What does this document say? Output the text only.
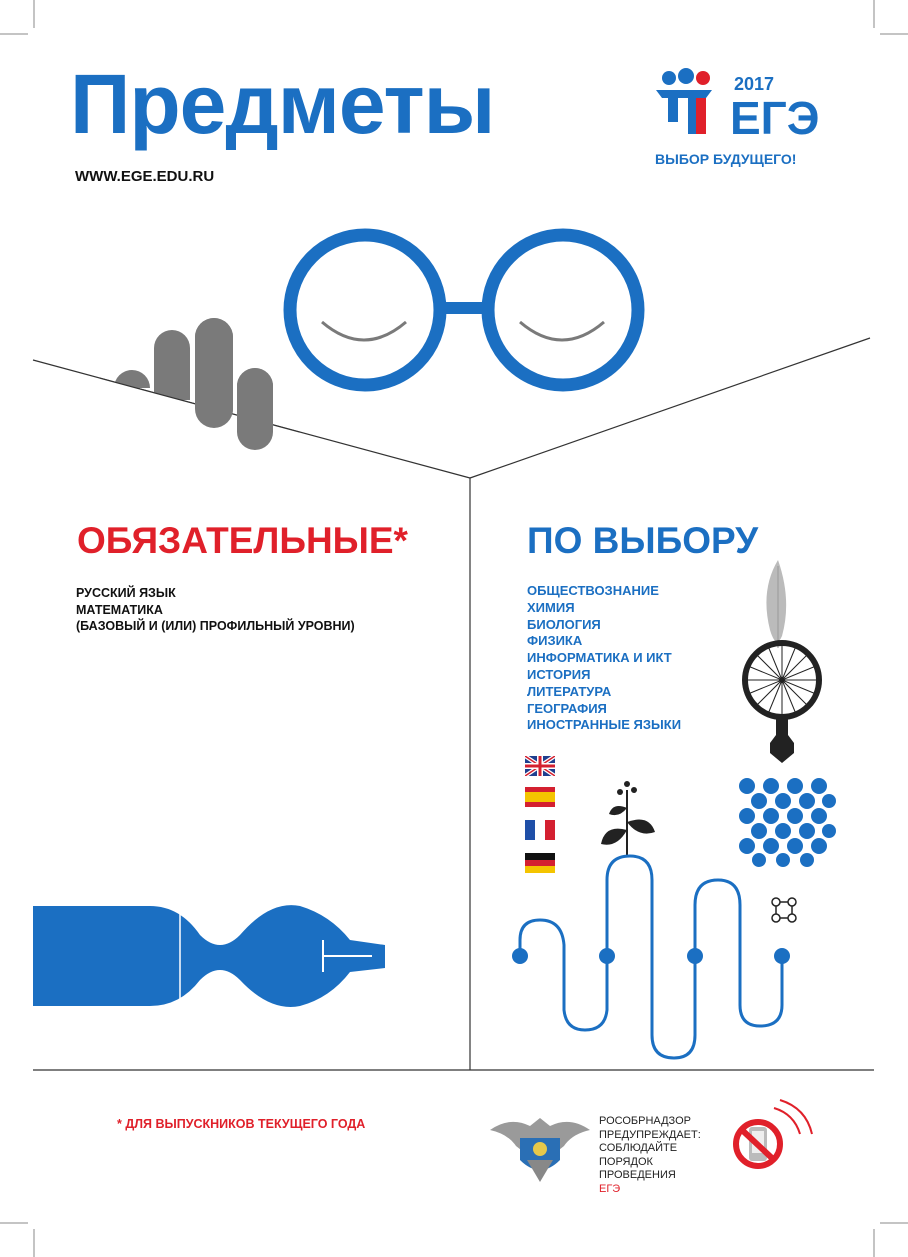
Предметы
WWW.EGE.EDU.RU
2017
ЕГЭ
ВЫБОР БУДУЩЕГО!
ОБЯЗАТЕЛЬНЫЕ*
РУССКИЙ ЯЗЫК
МАТЕМАТИКА
(БАЗОВЫЙ И (ИЛИ) ПРОФИЛЬНЫЙ УРОВНИ)
ПО ВЫБОРУ
ОБЩЕСТВОЗНАНИЕ
ХИМИЯ
БИОЛОГИЯ
ФИЗИКА
ИНФОРМАТИКА И ИКТ
ИСТОРИЯ
ЛИТЕРАТУРА
ГЕОГРАФИЯ
ИНОСТРАННЫЕ ЯЗЫКИ
* ДЛЯ ВЫПУСКНИКОВ ТЕКУЩЕГО ГОДА	РОСОБРНАДЗОР
ПРЕДУПРЕЖДАЕТ:
СОБЛЮДАЙТЕ
ПОРЯДОК
ПРОВЕДЕНИЯ
ЕГЭ
